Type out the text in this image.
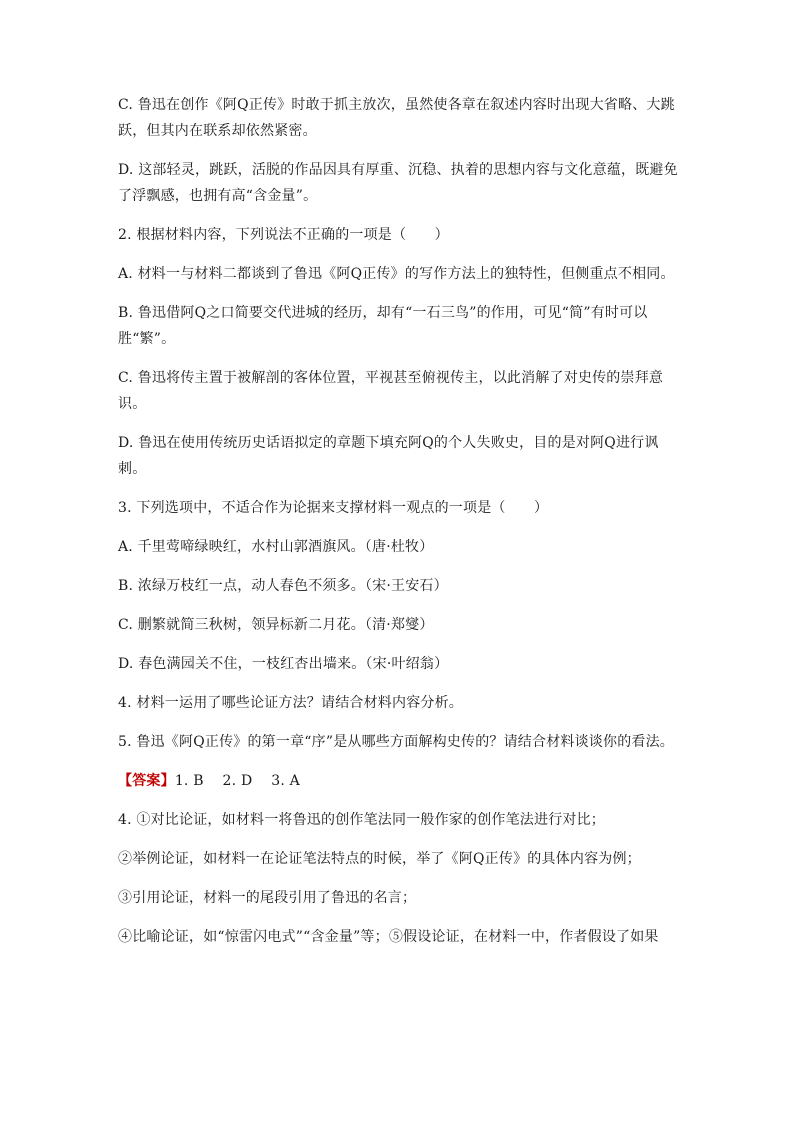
C. 鲁迅在创作《阿Q正传》时敢于抓主放次，虽然使各章在叙述内容时出现大省略、大跳跃，但其内在联系却依然紧密。

D. 这部轻灵，跳跃，活脱的作品因具有厚重、沉稳、执着的思想内容与文化意蕴，既避免了浮飘感，也拥有高“含金量”。

2. 根据材料内容，下列说法不正确的一项是（　　）

A. 材料一与材料二都谈到了鲁迅《阿Q正传》的写作方法上的独特性，但侧重点不相同。

B. 鲁迅借阿Q之口简要交代进城的经历，却有“一石三鸟”的作用，可见“简”有时可以胜“繁”。

C. 鲁迅将传主置于被解剖的客体位置，平视甚至俯视传主，以此消解了对史传的崇拜意识。

D. 鲁迅在使用传统历史话语拟定的章题下填充阿Q的个人失败史，目的是对阿Q进行讽刺。

3. 下列选项中，不适合作为论据来支撑材料一观点的一项是（　　）

A. 千里莺啼绿映红，水村山郭酒旗风。（唐·杜牧）

B. 浓绿万枝红一点，动人春色不须多。（宋·王安石）

C. 删繁就简三秋树，领异标新二月花。（清·郑燮）

D. 春色满园关不住，一枝红杏出墙来。（宋·叶绍翁）

4. 材料一运用了哪些论证方法？请结合材料内容分析。

5. 鲁迅《阿Q正传》的第一章“序”是从哪些方面解构史传的？请结合材料谈谈你的看法。

【答案】1. B　 2. D　 3. A

4. ①对比论证，如材料一将鲁迅的创作笔法同一般作家的创作笔法进行对比；

②举例论证，如材料一在论证笔法特点的时候，举了《阿Q正传》的具体内容为例；

③引用论证，材料一的尾段引用了鲁迅的名言；

④比喻论证，如“惊雷闪电式”“含金量”等；⑤假设论证，在材料一中，作者假设了如果
